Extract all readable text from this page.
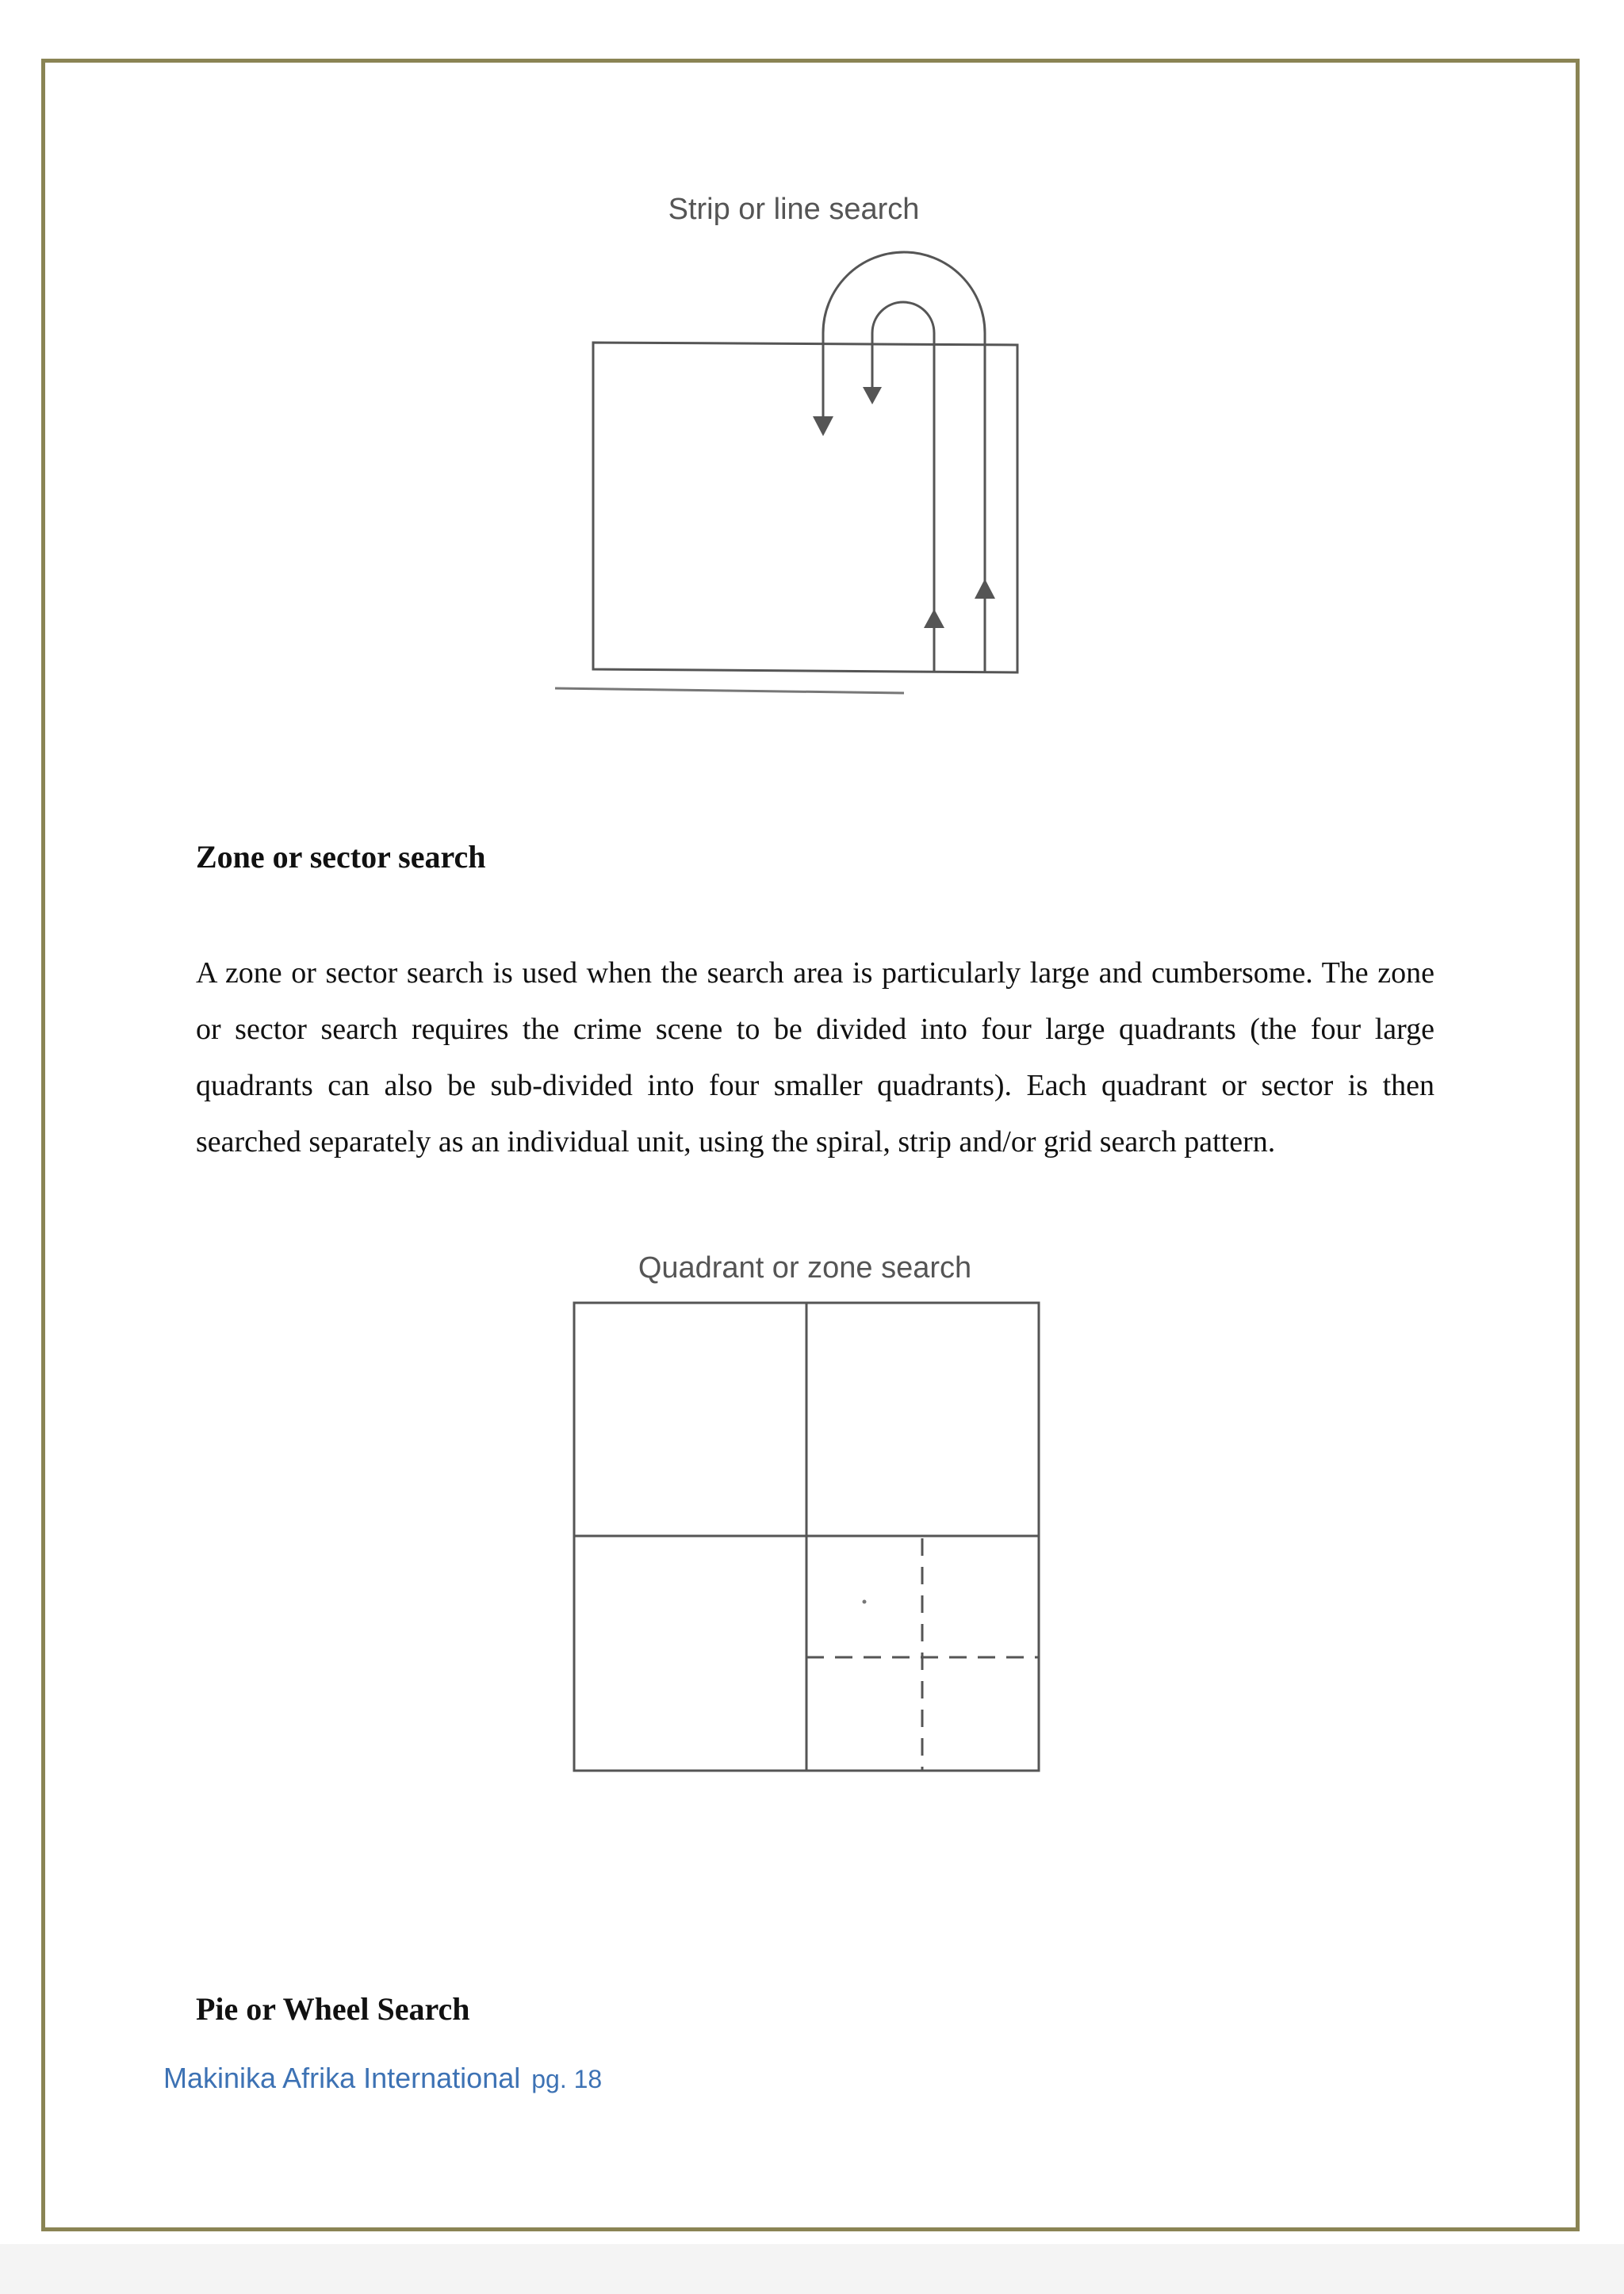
Strip or line search
Zone or sector search

A zone or sector search is used when the search area is particularly large and cumbersome. The zone or sector search requires the crime scene to be divided into four large quadrants (the four large quadrants can also be sub-divided into four smaller quadrants). Each quadrant or sector is then searched separately as an individual unit, using the spiral, strip and/or grid search pattern.

Quadrant or zone search
Pie or Wheel Search
Makinika Afrika International pg. 18
